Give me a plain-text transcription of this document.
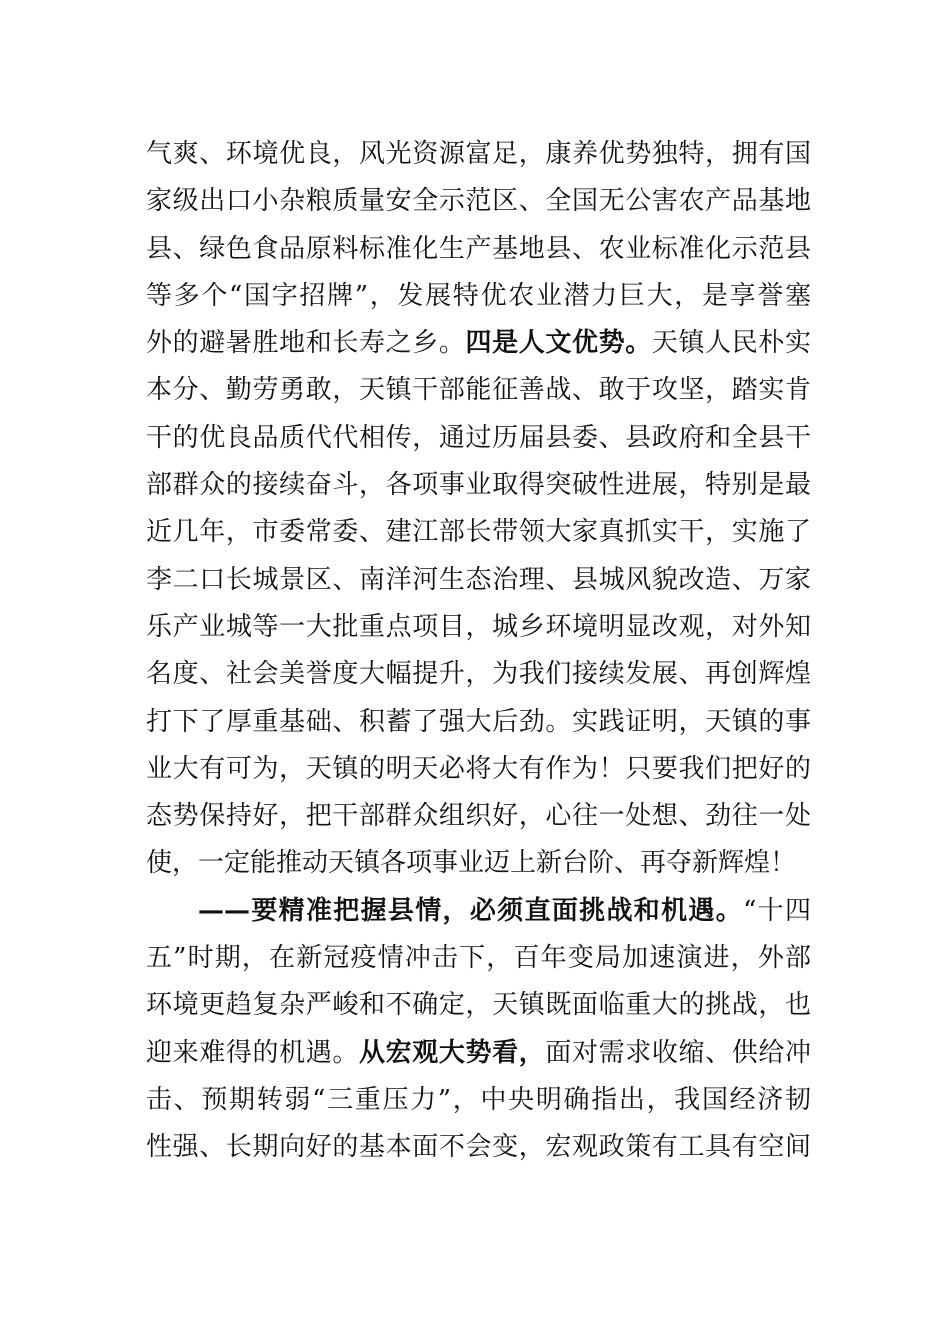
气爽、环境优良，风光资源富足，康养优势独特，拥有国
家级出口小杂粮质量安全示范区、全国无公害农产品基地
县、绿色食品原料标准化生产基地县、农业标准化示范县
等多个“国字招牌”，发展特优农业潜力巨大，是享誉塞
外的避暑胜地和长寿之乡。四是人文优势。天镇人民朴实
本分、勤劳勇敢，天镇干部能征善战、敢于攻坚，踏实肯
干的优良品质代代相传，通过历届县委、县政府和全县干
部群众的接续奋斗，各项事业取得突破性进展，特别是最
近几年，市委常委、建江部长带领大家真抓实干，实施了
李二口长城景区、南洋河生态治理、县城风貌改造、万家
乐产业城等一大批重点项目，城乡环境明显改观，对外知
名度、社会美誉度大幅提升，为我们接续发展、再创辉煌
打下了厚重基础、积蓄了强大后劲。实践证明，天镇的事
业大有可为，天镇的明天必将大有作为！只要我们把好的
态势保持好，把干部群众组织好，心往一处想、劲往一处
使，一定能推动天镇各项事业迈上新台阶、再夺新辉煌！
——要精准把握县情，必须直面挑战和机遇。“十四
五”时期，在新冠疫情冲击下，百年变局加速演进，外部
环境更趋复杂严峻和不确定，天镇既面临重大的挑战，也
迎来难得的机遇。从宏观大势看，面对需求收缩、供给冲
击、预期转弱“三重压力”，中央明确指出，我国经济韧
性强、长期向好的基本面不会变，宏观政策有工具有空间
